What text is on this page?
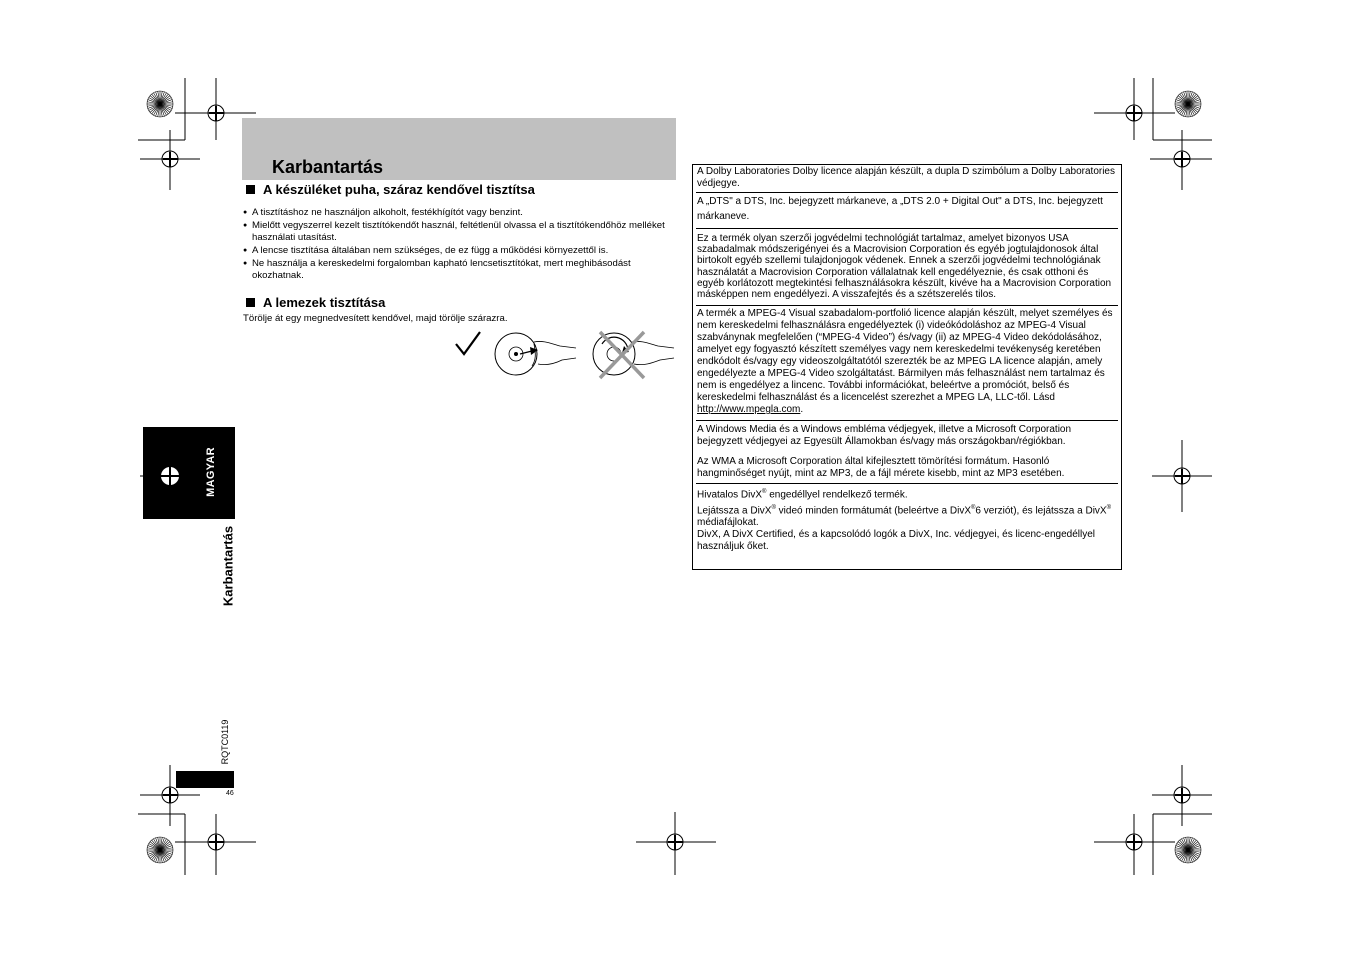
Karbantartás
A készüléket puha, száraz kendővel tisztítsa
● A tisztításhoz ne használjon alkoholt, festékhígítót vagy benzint.
● Mielőtt vegyszerrel kezelt tisztítókendőt használ, feltétlenül olvassa el a tisztítókendőhöz melléket használati utasítást.
● A lencse tisztítása általában nem szükséges, de ez függ a működési környezettől is.
● Ne használja a kereskedelmi forgalomban kapható lencsetisztítókat, mert meghibásodást okozhatnak.
A lemezek tisztítása
Törölje át egy megnedvesített kendővel, majd törölje szárazra.
A Dolby Laboratories Dolby licence alapján készült, a dupla D szimbólum a Dolby Laboratories védjegye.
A „DTS" a DTS, Inc. bejegyzett márkaneve, a „DTS 2.0 + Digital Out" a DTS, Inc. bejegyzett márkaneve.
Ez a termék olyan szerzői jogvédelmi technológiát tartalmaz, amelyet bizonyos USA szabadalmak módszerigényei és a Macrovision Corporation és egyéb jogtulajdonosok által birtokolt egyéb szellemi tulajdonjogok védenek. Ennek a szerzői jogvédelmi technológiának használatát a Macrovision Corporation vállalatnak kell engedélyeznie, és csak otthoni és egyéb korlátozott megtekintési felhasználásokra készült, kivéve ha a Macrovision Corporation másképpen nem engedélyezi. A visszafejtés és a szétszerelés tilos.
A termék a MPEG-4 Visual szabadalom-portfolió licence alapján készült, melyet személyes és nem kereskedelmi felhasználásra engedélyeztek (i) videókódoláshoz az MPEG-4 Visual szabványnak megfelelően (“MPEG-4 Video”) és/vagy (ii) az MPEG-4 Video dekódolásához, amelyet egy fogyasztó készített személyes vagy nem kereskedelmi tevékenység keretében endkódolt és/vagy egy videoszolgáltatótól szerezték be az MPEG LA licence alapján, amely engedélyezte a MPEG-4 Video szolgáltatást. Bármilyen más felhasználást nem tartalmaz és nem is engedélyez a lincenc. További információkat, beleértve a promóciót, belső és kereskedelmi felhasználást és a licencelést szerezhet a MPEG LA, LLC-től. Lásd http://www.mpegla.com.
A Windows Media és a Windows embléma védjegyek, illetve a Microsoft Corporation bejegyzett védjegyei az Egyesült Államokban és/vagy más országokban/régiókban.
Az WMA a Microsoft Corporation által kifejlesztett tömörítési formátum. Hasonló hangminőséget nyújt, mint az MP3, de a fájl mérete kisebb, mint az MP3 esetében.
Hivatalos DivX® engedéllyel rendelkező termék.
Lejátssza a DivX® videó minden formátumát (beleértve a DivX®6 verziót), és lejátssza a DivX® médiafájlokat.
DivX, A DivX Certified, és a kapcsolódó logók a DivX, Inc. védjegyei, és licenc-engedéllyel használjuk őket.
MAGYAR
Karbantartás
RQTC0119
46
